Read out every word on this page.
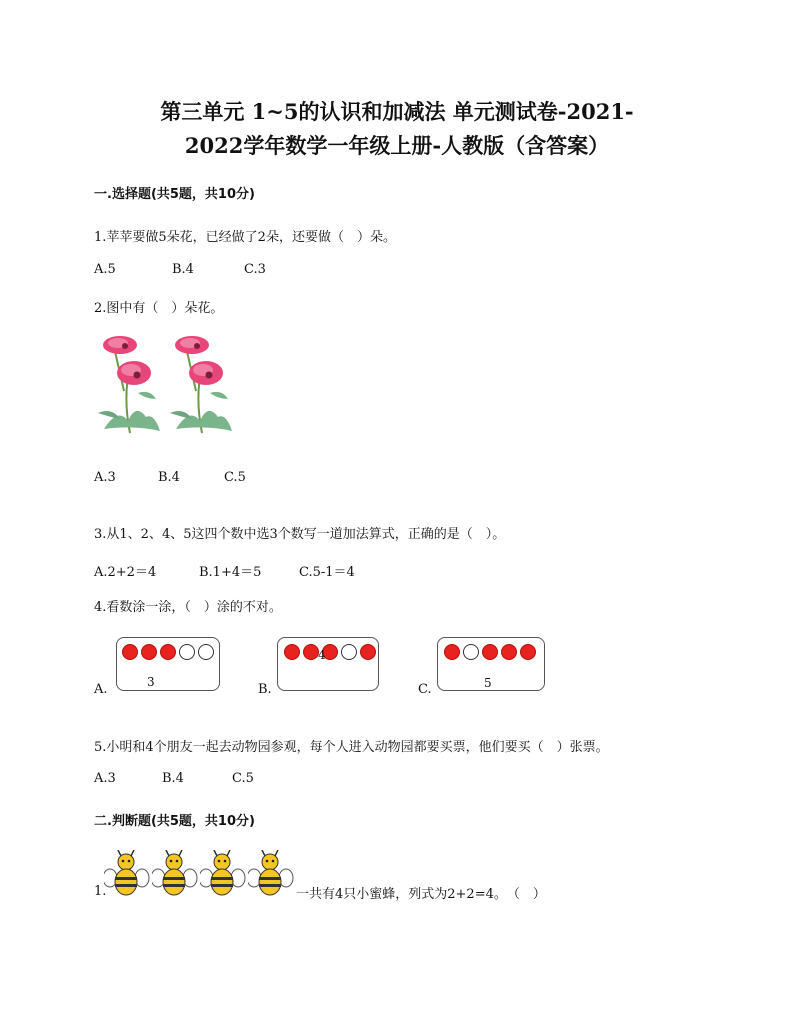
第三单元 1~5的认识和加减法 单元测试卷-2021-
2022学年数学一年级上册-人教版（含答案）
一.选择题(共5题，共10分)
1.苹苹要做5朵花，已经做了2朵，还要做（　）朵。
A.5	B.4	C.3
2.图中有（　）朵花。
A.3	B.4	C.5
3.从1、2、4、5这四个数中选3个数写一道加法算式，正确的是（　）。
A.2+2＝4	B.1+4＝5	C.5-1＝4
4.看数涂一涂，（　）涂的不对。
A.	3	B.
4
C.	5
5.小明和4个朋友一起去动物园参观，每个人进入动物园都要买票，他们要买（　）张票。
A.3	B.4	C.5
二.判断题(共5题，共10分)
1.	一共有4只小蜜蜂，列式为2+2=4。　（　）
